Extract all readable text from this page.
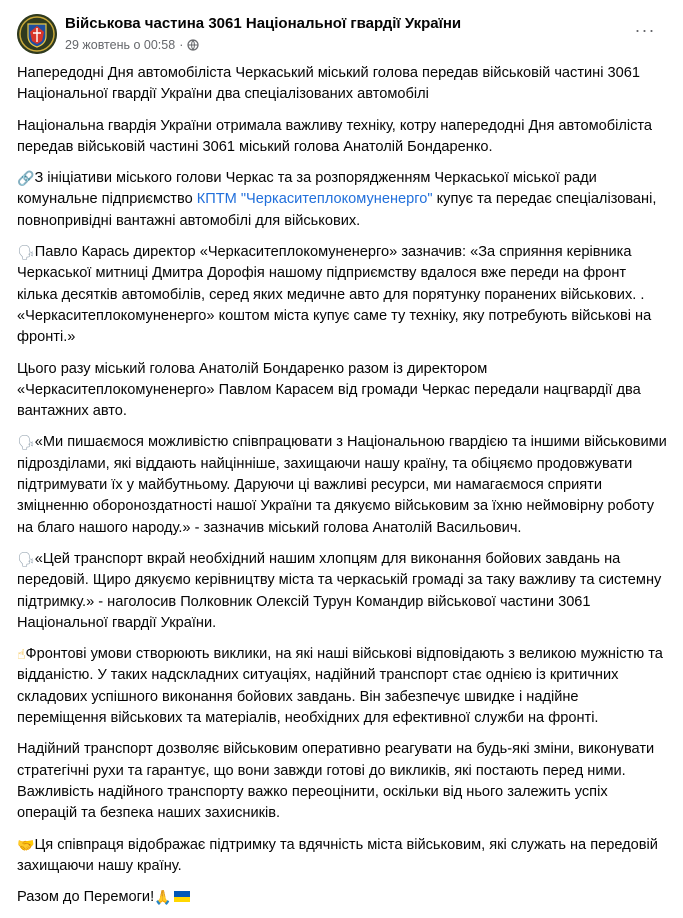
Військова частина 3061 Національної гвардії України
29 жовтень о 00:58 ·
···

Напередодні Дня автомобіліста Черкаський міський голова передав військовій частині 3061 Національної гвардії України два спеціалізованих автомобілі

Національна гвардія України отримала важливу техніку, котру напередодні Дня автомобіліста передав військовій частині 3061 міський голова Анатолій Бондаренко.

🔗З ініціативи міського голови Черкас та за розпорядженням Черкаської міської ради комунальне підприємство КПТМ "Черкаситеплокомуненерго" купує та передає спеціалізовані, повнопривідні вантажні автомобілі для військових.

🗣Павло Карась директор «Черкаситеплокомуненерго» зазначив: «За сприяння керівника Черкаської митниці Дмитра Дорофія нашому підприємству вдалося вже переди на фронт кілька десятків автомобілів, серед яких медичне авто для порятунку поранених військових. . «Черкаситеплокомуненерго» коштом міста купує саме ту техніку, яку потребують військові на фронті.»

Цього разу міський голова Анатолій Бондаренко разом із директором «Черкаситеплокомуненерго» Павлом Карасем від громади Черкас передали нацгвардії два вантажних авто.

🗣«Ми пишаємося можливістю співпрацювати з Національною гвардією та іншими військовими підрозділами, які віддають найцінніше, захищаючи нашу країну, та обіцяємо продовжувати підтримувати їх у майбутньому. Даруючи ці важливі ресурси, ми намагаємося сприяти зміцненню обороноздатності нашої України та дякуємо військовим за їхню неймовірну роботу на благо нашого народу.» - зазначив міський голова Анатолій Васильович.

🗣«Цей транспорт вкрай необхідний нашим хлопцям для виконання бойових завдань на передовій. Щиро дякуємо керівництву міста та черкаській громаді за таку важливу та системну підтримку.» - наголосив Полковник Олексій Турун Командир військової частини 3061 Національної гвардії України.

☝Фронтові умови створюють виклики, на які наші військові відповідають з великою мужністю та відданістю. У таких надскладних ситуаціях, надійний транспорт стає однією із критичних складових успішного виконання бойових завдань. Він забезпечує швидке і надійне переміщення військових та матеріалів, необхідних для ефективної служби на фронті.

Надійний транспорт дозволяє військовим оперативно реагувати на будь-які зміни, виконувати стратегічні рухи та гарантує, що вони завжди готові до викликів, які постають перед ними. Важливість надійного транспорту важко переоцінити, оскільки від нього залежить успіх операцій та безпека наших захисників.

🤝Ця співпраця відображає підтримку та вдячність міста військовим, які служать на передовій захищаючи нашу країну.

Разом до Перемоги!🙏
